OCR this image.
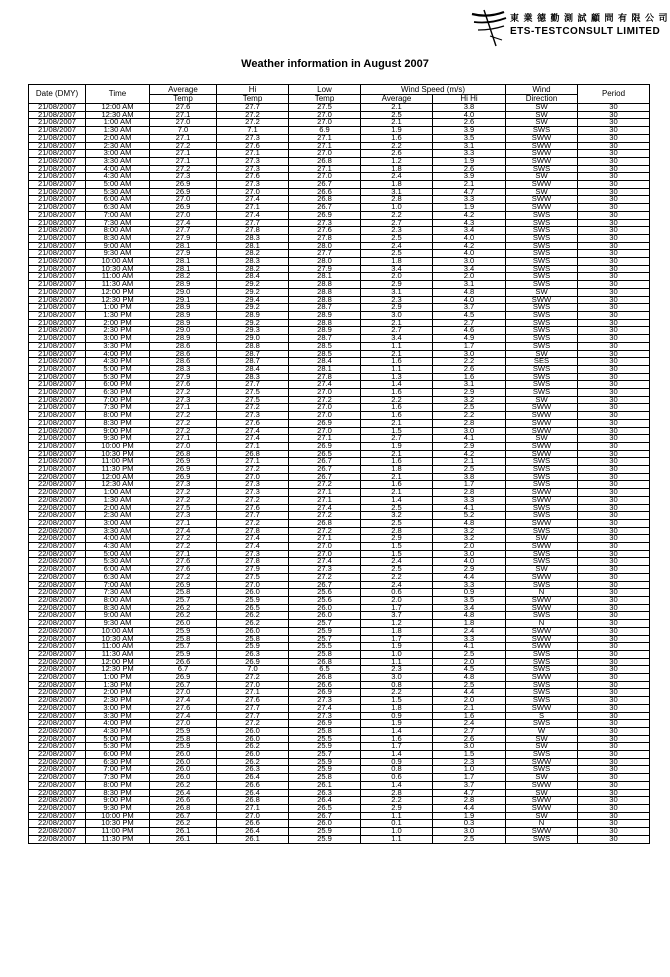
東 業 德 勤 測 試 顧 問 有 限 公 司
ETS-TESTCONSULT LIMITED
Weather information in August 2007
Date (DMY)	Time	Average	Hi	Low	Wind Speed (m/s)		Wind	Period
		Temp	Temp	Temp	Average	Hi Hi	Direction	
21/08/2007	12:00 AM	27.6	27.7	27.5	2.1	3.8	SW	30
21/08/2007	12:30 AM	27.1	27.2	27.0	2.5	4.0	SW	30
21/08/2007	1:00 AM	27.0	27.2	27.0	2.1	2.6	SW	30
21/08/2007	1:30 AM	7.0	7.1	6.9	1.9	3.9	SWS	30
21/08/2007	2:00 AM	27.1	27.3	27.1	1.6	3.5	SWW	30
21/08/2007	2:30 AM	27.2	27.6	27.1	2.2	3.1	SWW	30
21/08/2007	3:00 AM	27.1	27.1	27.0	2.6	3.3	SWW	30
21/08/2007	3:30 AM	27.1	27.3	26.8	1.2	1.9	SWW	30
21/08/2007	4:00 AM	27.2	27.3	27.1	1.8	2.6	SWS	30
21/08/2007	4:30 AM	27.3	27.6	27.0	2.4	3.9	SW	30
21/08/2007	5:00 AM	26.9	27.3	26.7	1.8	2.1	SWW	30
21/08/2007	5:30 AM	26.9	27.0	26.6	3.1	4.7	SW	30
21/08/2007	6:00 AM	27.0	27.4	26.8	2.8	3.3	SWW	30
21/08/2007	6:30 AM	26.9	27.1	26.7	1.0	1.9	SWW	30
21/08/2007	7:00 AM	27.0	27.4	26.9	2.2	4.2	SWS	30
21/08/2007	7:30 AM	27.4	27.7	27.3	2.7	4.3	SWS	30
21/08/2007	8:00 AM	27.7	27.8	27.6	2.3	3.4	SWS	30
21/08/2007	8:30 AM	27.9	28.3	27.8	2.5	4.0	SWS	30
21/08/2007	9:00 AM	28.1	28.1	28.0	2.4	4.2	SWS	30
21/08/2007	9:30 AM	27.9	28.2	27.7	2.5	4.0	SWS	30
21/08/2007	10:00 AM	28.1	28.3	28.0	1.8	3.0	SWS	30
21/08/2007	10:30 AM	28.1	28.2	27.9	3.4	3.4	SWS	30
21/08/2007	11:00 AM	28.2	28.4	28.1	2.0	2.0	SWS	30
21/08/2007	11:30 AM	28.9	29.2	28.8	2.9	3.1	SWS	30
21/08/2007	12:00 PM	29.0	29.2	28.8	3.1	4.8	SW	30
21/08/2007	12:30 PM	29.1	29.4	28.8	2.3	4.0	SWW	30
21/08/2007	1:00 PM	28.9	29.2	28.7	2.9	3.7	SWS	30
21/08/2007	1:30 PM	28.9	28.9	28.9	3.0	4.5	SWS	30
21/08/2007	2:00 PM	28.9	29.2	28.8	2.1	2.7	SWS	30
21/08/2007	2:30 PM	29.0	29.3	28.9	2.7	4.6	SWS	30
21/08/2007	3:00 PM	28.9	29.0	28.7	3.4	4.9	SWS	30
21/08/2007	3:30 PM	28.6	28.8	28.5	1.1	1.7	SWS	30
21/08/2007	4:00 PM	28.6	28.7	28.5	2.1	3.0	SW	30
21/08/2007	4:30 PM	28.6	28.7	28.4	1.6	2.2	SES	30
21/08/2007	5:00 PM	28.3	28.4	28.1	1.1	2.6	SWS	30
21/08/2007	5:30 PM	27.9	28.3	27.8	1.3	1.6	SWS	30
21/08/2007	6:00 PM	27.6	27.7	27.4	1.4	3.1	SWS	30
21/08/2007	6:30 PM	27.2	27.5	27.0	1.6	2.9	SWS	30
21/08/2007	7:00 PM	27.3	27.5	27.2	2.2	3.2	SW	30
21/08/2007	7:30 PM	27.1	27.2	27.0	1.6	2.5	SWW	30
21/08/2007	8:00 PM	27.2	27.3	27.0	1.6	2.2	SWW	30
21/08/2007	8:30 PM	27.2	27.6	26.9	2.1	2.8	SWW	30
21/08/2007	9:00 PM	27.2	27.4	27.0	1.5	3.0	SWW	30
21/08/2007	9:30 PM	27.1	27.4	27.1	2.7	4.1	SW	30
21/08/2007	10:00 PM	27.0	27.1	26.9	1.9	2.9	SWW	30
21/08/2007	10:30 PM	26.8	26.8	26.5	2.1	4.2	SWW	30
21/08/2007	11:00 PM	26.9	27.1	26.7	1.6	2.1	SWS	30
21/08/2007	11:30 PM	26.9	27.2	26.7	1.8	2.5	SWS	30
22/08/2007	12:00 AM	26.9	27.0	26.7	2.1	3.8	SWS	30
22/08/2007	12:30 AM	27.3	27.3	27.2	1.6	1.7	SWS	30
22/08/2007	1:00 AM	27.2	27.3	27.1	2.1	2.8	SWW	30
22/08/2007	1:30 AM	27.2	27.2	27.1	1.4	3.3	SWW	30
22/08/2007	2:00 AM	27.5	27.6	27.4	2.5	4.1	SWS	30
22/08/2007	2:30 AM	27.3	27.7	27.2	3.2	5.2	SWS	30
22/08/2007	3:00 AM	27.1	27.2	26.8	2.5	4.8	SWW	30
22/08/2007	3:30 AM	27.4	27.8	27.2	2.8	3.2	SWS	30
22/08/2007	4:00 AM	27.2	27.4	27.1	2.9	3.2	SW	30
22/08/2007	4:30 AM	27.2	27.4	27.0	1.5	2.0	SWW	30
22/08/2007	5:00 AM	27.1	27.3	27.0	1.5	3.0	SWS	30
22/08/2007	5:30 AM	27.6	27.8	27.4	2.4	4.0	SWS	30
22/08/2007	6:00 AM	27.6	27.9	27.3	2.5	2.9	SW	30
22/08/2007	6:30 AM	27.2	27.5	27.2	2.2	4.4	SWW	30
22/08/2007	7:00 AM	26.9	27.0	26.7	2.4	3.3	SWS	30
22/08/2007	7:30 AM	25.8	26.0	25.6	0.6	0.9	N	30
22/08/2007	8:00 AM	25.7	25.9	25.6	2.0	3.5	SWW	30
22/08/2007	8:30 AM	26.2	26.5	26.0	1.7	3.4	SWW	30
22/08/2007	9:00 AM	26.2	26.2	26.0	3.7	4.8	SWS	30
22/08/2007	9:30 AM	26.0	26.2	25.7	1.2	1.8	N	30
22/08/2007	10:00 AM	25.9	26.0	25.9	1.8	2.4	SWW	30
22/08/2007	10:30 AM	25.8	25.8	25.7	1.7	3.3	SWW	30
22/08/2007	11:00 AM	25.7	25.9	25.5	1.9	4.1	SWW	30
22/08/2007	11:30 AM	25.9	26.3	25.8	1.0	2.5	SWS	30
22/08/2007	12:00 PM	26.6	26.9	26.8	1.1	2.0	SWS	30
22/08/2007	12:30 PM	6.7	7.0	6.5	2.3	4.5	SWS	30
22/08/2007	1:00 PM	26.9	27.2	26.8	3.0	4.8	SWW	30
22/08/2007	1:30 PM	26.7	27.0	26.6	0.8	2.5	SWS	30
22/08/2007	2:00 PM	27.0	27.1	26.9	2.2	4.4	SWS	30
22/08/2007	2:30 PM	27.4	27.6	27.3	1.5	2.0	SWS	30
22/08/2007	3:00 PM	27.6	27.7	27.4	1.8	2.1	SWW	30
22/08/2007	3:30 PM	27.4	27.7	27.3	0.9	1.6	S	30
22/08/2007	4:00 PM	27.0	27.2	26.9	1.9	2.4	SWS	30
22/08/2007	4:30 PM	25.9	26.0	25.8	1.4	2.7	W	30
22/08/2007	5:00 PM	25.8	26.0	25.5	1.6	2.6	SW	30
22/08/2007	5:30 PM	25.9	26.2	25.9	1.7	3.0	SW	30
22/08/2007	6:00 PM	26.0	26.0	25.7	1.4	1.5	SWS	30
22/08/2007	6:30 PM	26.0	26.2	25.9	0.9	2.3	SWW	30
22/08/2007	7:00 PM	26.0	26.3	25.9	0.8	1.0	SWS	30
22/08/2007	7:30 PM	26.0	26.4	25.8	0.6	1.7	SW	30
22/08/2007	8:00 PM	26.2	26.6	26.1	1.4	3.7	SWW	30
22/08/2007	8:30 PM	26.4	26.4	26.3	2.8	4.7	SW	30
22/08/2007	9:00 PM	26.6	26.8	26.4	2.2	2.8	SWW	30
22/08/2007	9:30 PM	26.8	27.1	26.5	2.9	4.4	SWW	30
22/08/2007	10:00 PM	26.7	27.0	26.7	1.1	1.9	SW	30
22/08/2007	10:30 PM	26.2	26.6	26.0	0.1	0.3	N	30
22/08/2007	11:00 PM	26.1	26.4	25.9	1.0	3.0	SWW	30
22/08/2007	11:30 PM	26.1	26.1	25.9	1.1	2.5	SWS	30
